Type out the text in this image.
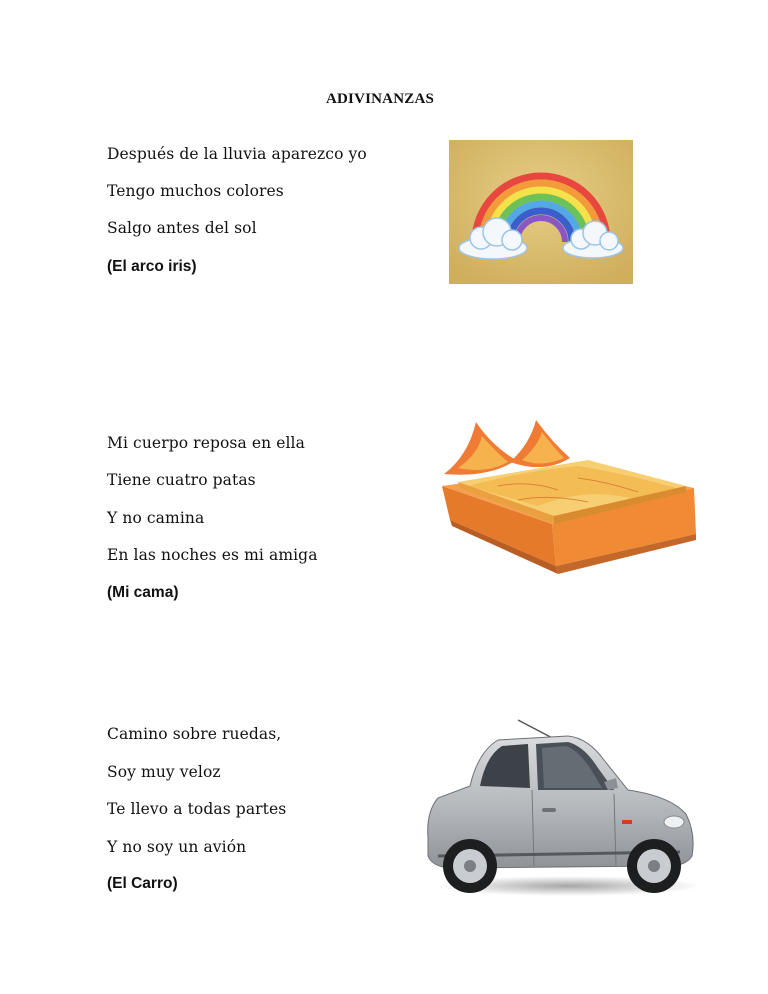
ADIVINANZAS
Después de la lluvia aparezco yo
Tengo muchos colores
Salgo antes del sol
(El arco iris)
Mi cuerpo reposa en ella
Tiene cuatro patas
Y no camina
En las noches es mi amiga
(Mi cama)
Camino sobre ruedas,
Soy muy veloz
Te llevo a todas partes
Y no soy un avión
(El Carro)
